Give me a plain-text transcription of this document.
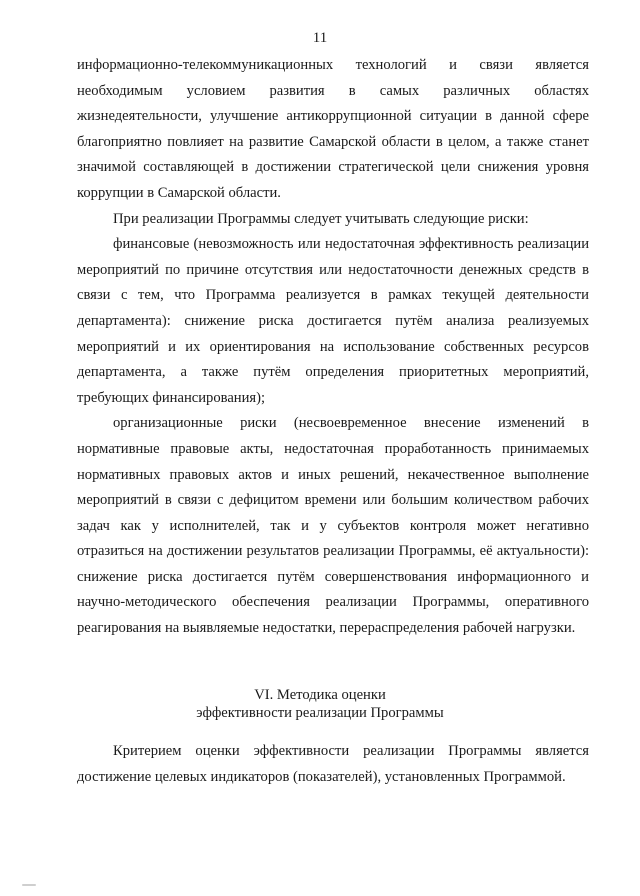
11

информационно-телекоммуникационных технологий и связи является необходимым условием развития в самых различных областях жизнедеятельности, улучшение антикоррупционной ситуации в данной сфере благоприятно повлияет на развитие Самарской области в целом, а также станет значимой составляющей в достижении стратегической цели снижения уровня коррупции в Самарской области.

При реализации Программы следует учитывать следующие риски:

финансовые (невозможность или недостаточная эффективность реализации мероприятий по причине отсутствия или недостаточности денежных средств в связи с тем, что Программа реализуется в рамках текущей деятельности департамента): снижение риска достигается путём анализа реализуемых мероприятий и их ориентирования на использование собственных ресурсов департамента, а также путём определения приоритетных мероприятий, требующих финансирования);

организационные риски (несвоевременное внесение изменений в нормативные правовые акты, недостаточная проработанность принимаемых нормативных правовых актов и иных решений, некачественное выполнение мероприятий в связи с дефицитом времени или большим количеством рабочих задач как у исполнителей, так и у субъектов контроля может негативно отразиться на достижении результатов реализации Программы, её актуальности): снижение риска достигается путём совершенствования информационного и научно-методического обеспечения реализации Программы, оперативного реагирования на выявляемые недостатки, перераспределения рабочей нагрузки.

VI. Методика оценки
эффективности реализации Программы

Критерием оценки эффективности реализации Программы является достижение целевых индикаторов (показателей), установленных Программой.
